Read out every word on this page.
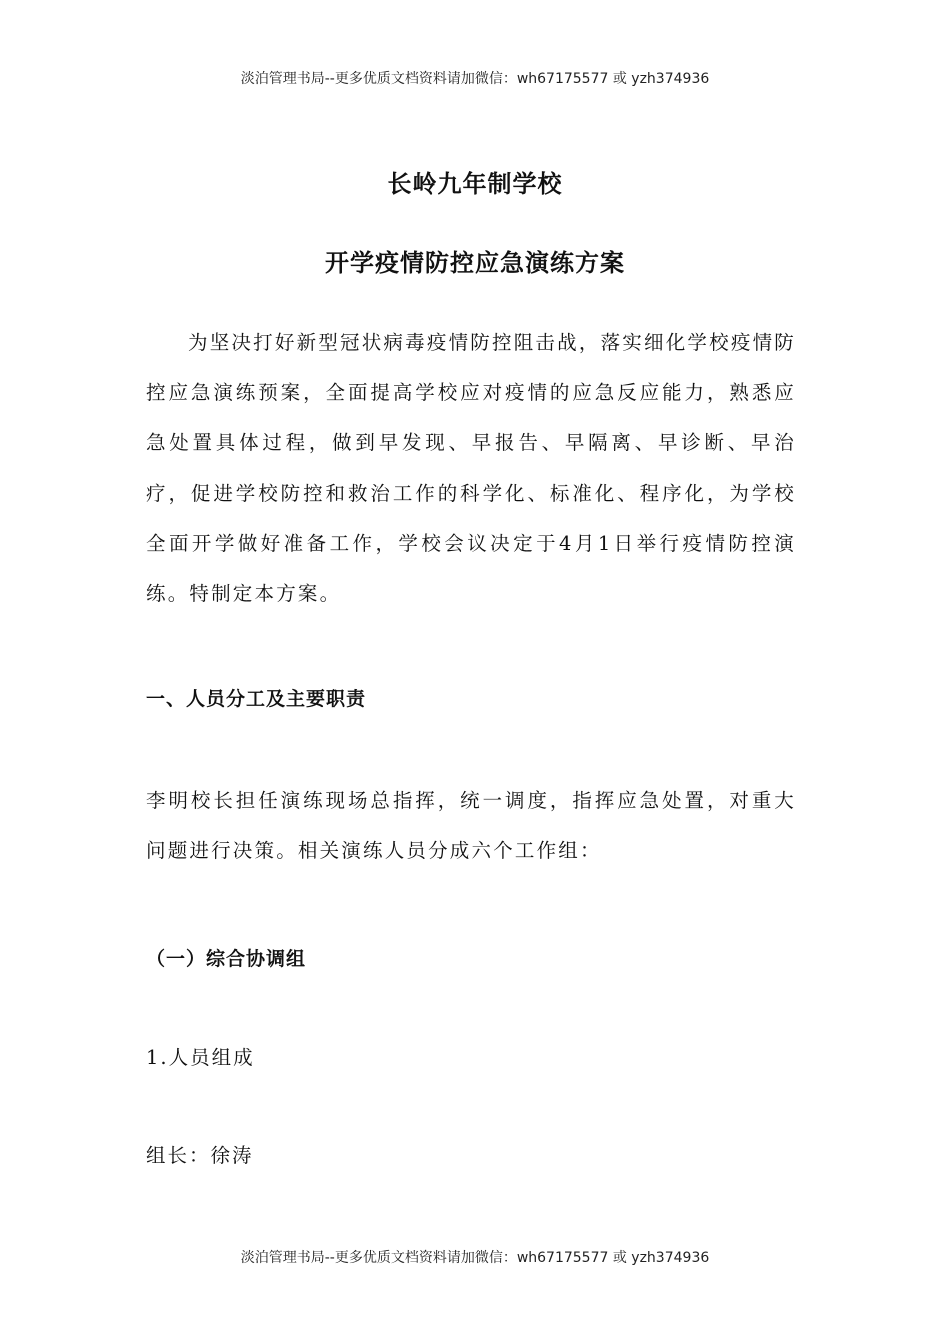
淡泊管理书局--更多优质文档资料请加微信：wh67175577 或 yzh374936
长岭九年制学校
开学疫情防控应急演练方案

为坚决打好新型冠状病毒疫情防控阻击战，落实细化学校疫情防控应急演练预案，全面提高学校应对疫情的应急反应能力，熟悉应急处置具体过程，做到早发现、早报告、早隔离、早诊断、早治疗，促进学校防控和救治工作的科学化、标准化、程序化，为学校全面开学做好准备工作，学校会议决定于4月1日举行疫情防控演练。特制定本方案。

一、人员分工及主要职责

李明校长担任演练现场总指挥，统一调度，指挥应急处置，对重大问题进行决策。相关演练人员分成六个工作组：

（一）综合协调组

1.人员组成

组长：徐涛

淡泊管理书局--更多优质文档资料请加微信：wh67175577 或 yzh374936
